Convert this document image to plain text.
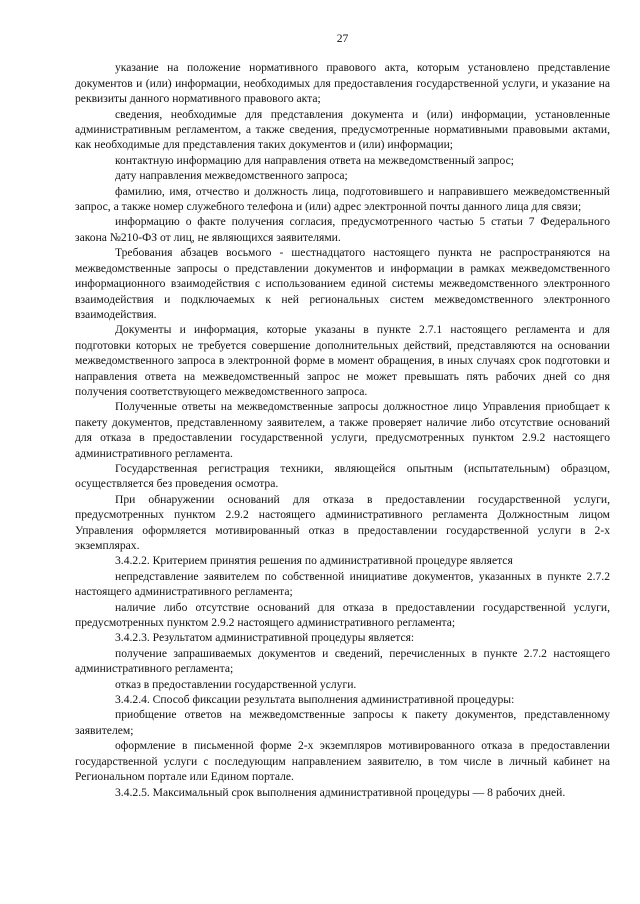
27

указание на положение нормативного правового акта, которым установлено представление документов и (или) информации, необходимых для предоставления государственной услуги, и указание на реквизиты данного нормативного правового акта;

сведения, необходимые для представления документа и (или) информации, установленные административным регламентом, а также сведения, предусмотренные нормативными правовыми актами, как необходимые для представления таких документов и (или) информации;

контактную информацию для направления ответа на межведомственный запрос;

дату направления межведомственного запроса;

фамилию, имя, отчество и должность лица, подготовившего и направившего межведомственный запрос, а также номер служебного телефона и (или) адрес электронной почты данного лица для связи;

информацию о факте получения согласия, предусмотренного частью 5 статьи 7 Федерального закона №210-ФЗ от лиц, не являющихся заявителями.

Требования абзацев восьмого - шестнадцатого настоящего пункта не распространяются на межведомственные запросы о представлении документов и информации в рамках межведомственного информационного взаимодействия с использованием единой системы межведомственного электронного взаимодействия и подключаемых к ней региональных систем межведомственного электронного взаимодействия.

Документы и информация, которые указаны в пункте 2.7.1 настоящего регламента и для подготовки которых не требуется совершение дополнительных действий, представляются на основании межведомственного запроса в электронной форме в момент обращения, в иных случаях срок подготовки и направления ответа на межведомственный запрос не может превышать пять рабочих дней со дня получения соответствующего межведомственного запроса.

Полученные ответы на межведомственные запросы должностное лицо Управления приобщает к пакету документов, представленному заявителем, а также проверяет наличие либо отсутствие оснований для отказа в предоставлении государственной услуги, предусмотренных пунктом 2.9.2 настоящего административного регламента.

Государственная регистрация техники, являющейся опытным (испытательным) образцом, осуществляется без проведения осмотра.

При обнаружении оснований для отказа в предоставлении государственной услуги, предусмотренных пунктом 2.9.2 настоящего административного регламента Должностным лицом Управления оформляется мотивированный отказ в предоставлении государственной услуги в 2-х экземплярах.

3.4.2.2. Критерием принятия решения по административной процедуре является

непредставление заявителем по собственной инициативе документов, указанных в пункте 2.7.2 настоящего административного регламента;

наличие либо отсутствие оснований для отказа в предоставлении государственной услуги, предусмотренных пунктом 2.9.2 настоящего административного регламента;

3.4.2.3. Результатом административной процедуры является:

получение запрашиваемых документов и сведений, перечисленных в пункте 2.7.2 настоящего административного регламента;

отказ в предоставлении государственной услуги.

3.4.2.4. Способ фиксации результата выполнения административной процедуры:

приобщение ответов на межведомственные запросы к пакету документов, представленному заявителем;

оформление в письменной форме 2-х экземпляров мотивированного отказа в предоставлении государственной услуги с последующим направлением заявителю, в том числе в личный кабинет на Региональном портале или Едином портале.

3.4.2.5. Максимальный срок выполнения административной процедуры — 8 рабочих дней.
